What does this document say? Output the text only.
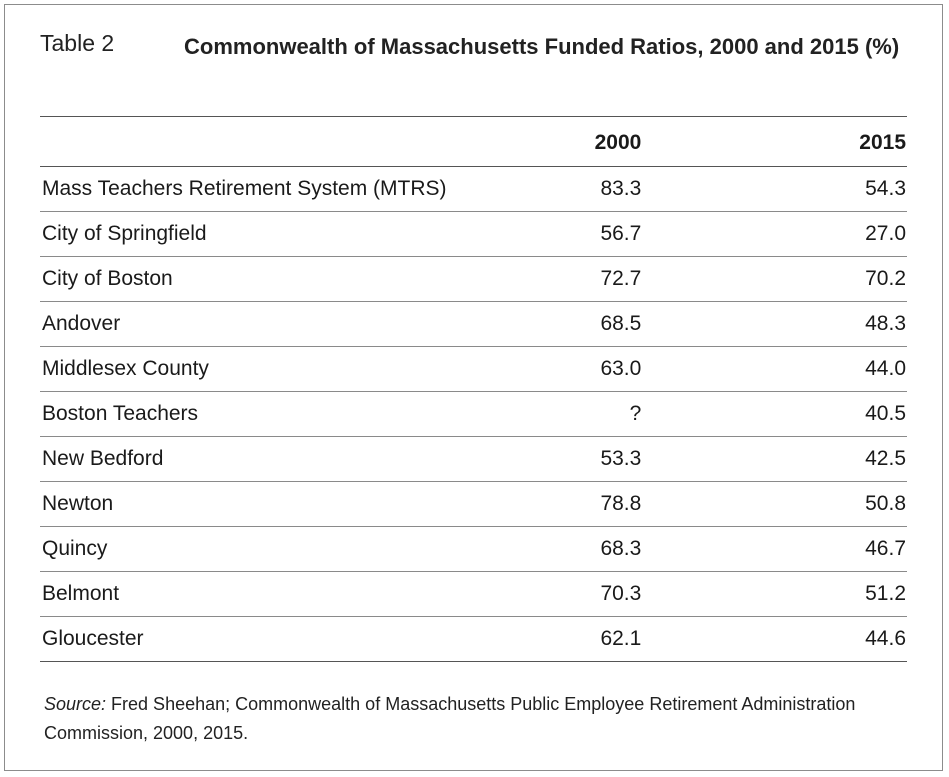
Table 2	Commonwealth of Massachusetts Funded Ratios, 2000 and 2015 (%)
	2000	2015
Mass Teachers Retirement System (MTRS)	83.3	54.3
City of Springfield	56.7	27.0
City of Boston	72.7	70.2
Andover	68.5	48.3
Middlesex County	63.0	44.0
Boston Teachers	?	40.5
New Bedford	53.3	42.5
Newton	78.8	50.8
Quincy	68.3	46.7
Belmont	70.3	51.2
Gloucester	62.1	44.6
Source: Fred Sheehan; Commonwealth of Massachusetts Public Employee Retirement Administration Commission, 2000, 2015.
